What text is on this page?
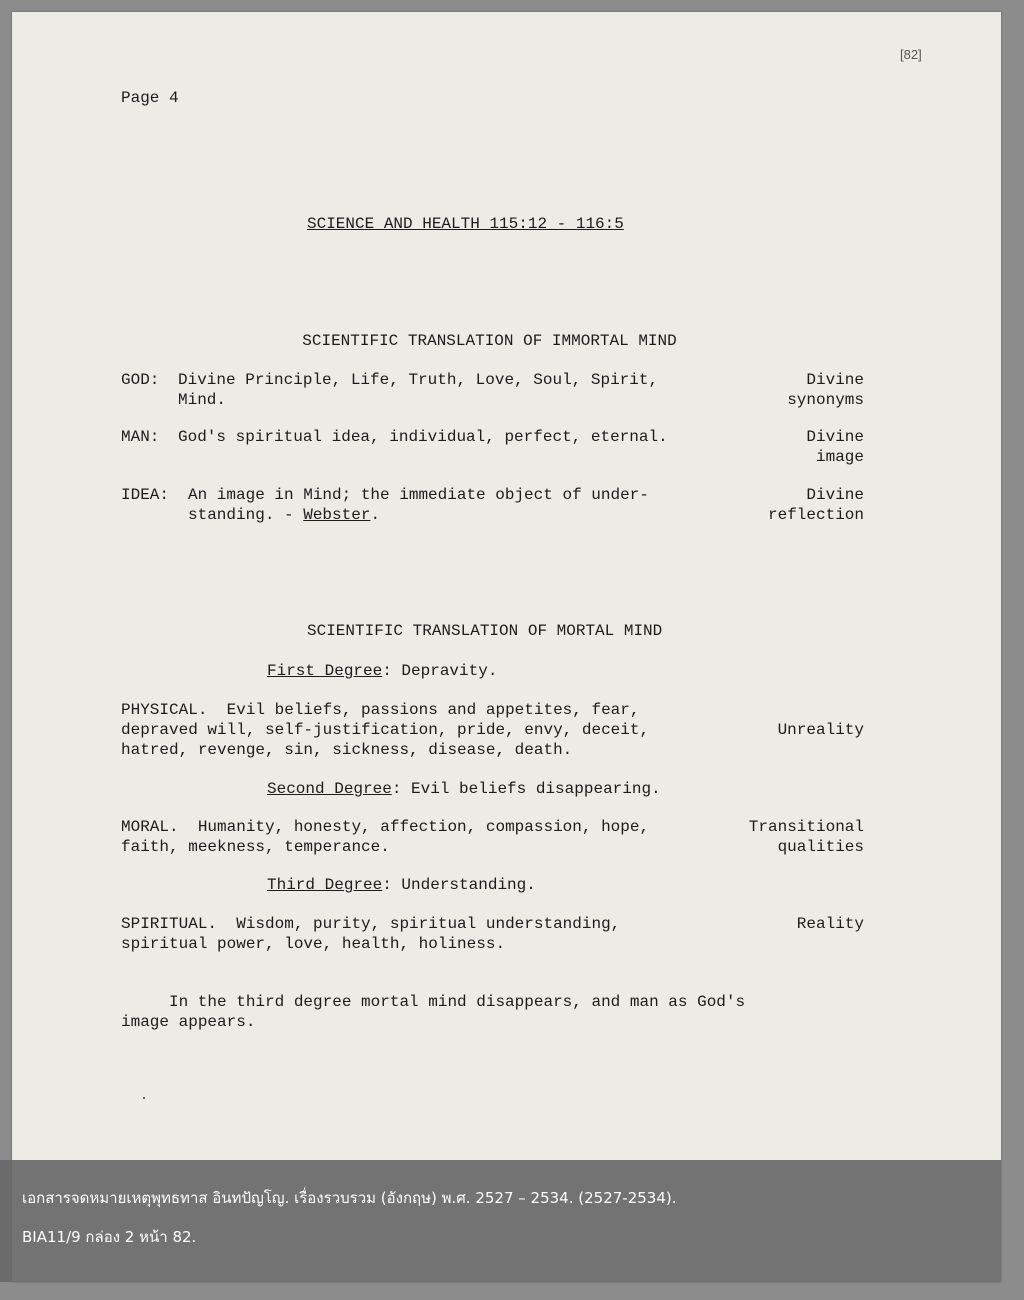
[82]
Page 4
SCIENCE AND HEALTH 115:12 - 116:5
SCIENTIFIC TRANSLATION OF IMMORTAL MIND
GOD: Divine Principle, Life, Truth, Love, Soul, Spirit,
Mind.
Divine
synonyms
MAN: God's spiritual idea, individual, perfect, eternal.	Divine
image
IDEA: An image in Mind; the immediate object of under-
standing. - Webster.
Divine
reflection
SCIENTIFIC TRANSLATION OF MORTAL MIND
First Degree: Depravity.
PHYSICAL.  Evil beliefs, passions and appetites, fear,
depraved will, self-justification, pride, envy, deceit,
hatred, revenge, sin, sickness, disease, death.
Unreality
Second Degree: Evil beliefs disappearing.
MORAL.  Humanity, honesty, affection, compassion, hope,
faith, meekness, temperance.
Transitional
qualities
Third Degree: Understanding.
SPIRITUAL.  Wisdom, purity, spiritual understanding,
spiritual power, love, health, holiness.
Reality
In the third degree mortal mind disappears, and man as God's
image appears.
เอกสารจดหมายเหตุพุทธทาส อินทปัญโญ. เรื่องรวบรวม (อังกฤษ) พ.ศ. 2527 – 2534. (2527-2534).
BIA11/9 กล่อง 2 หน้า 82.
